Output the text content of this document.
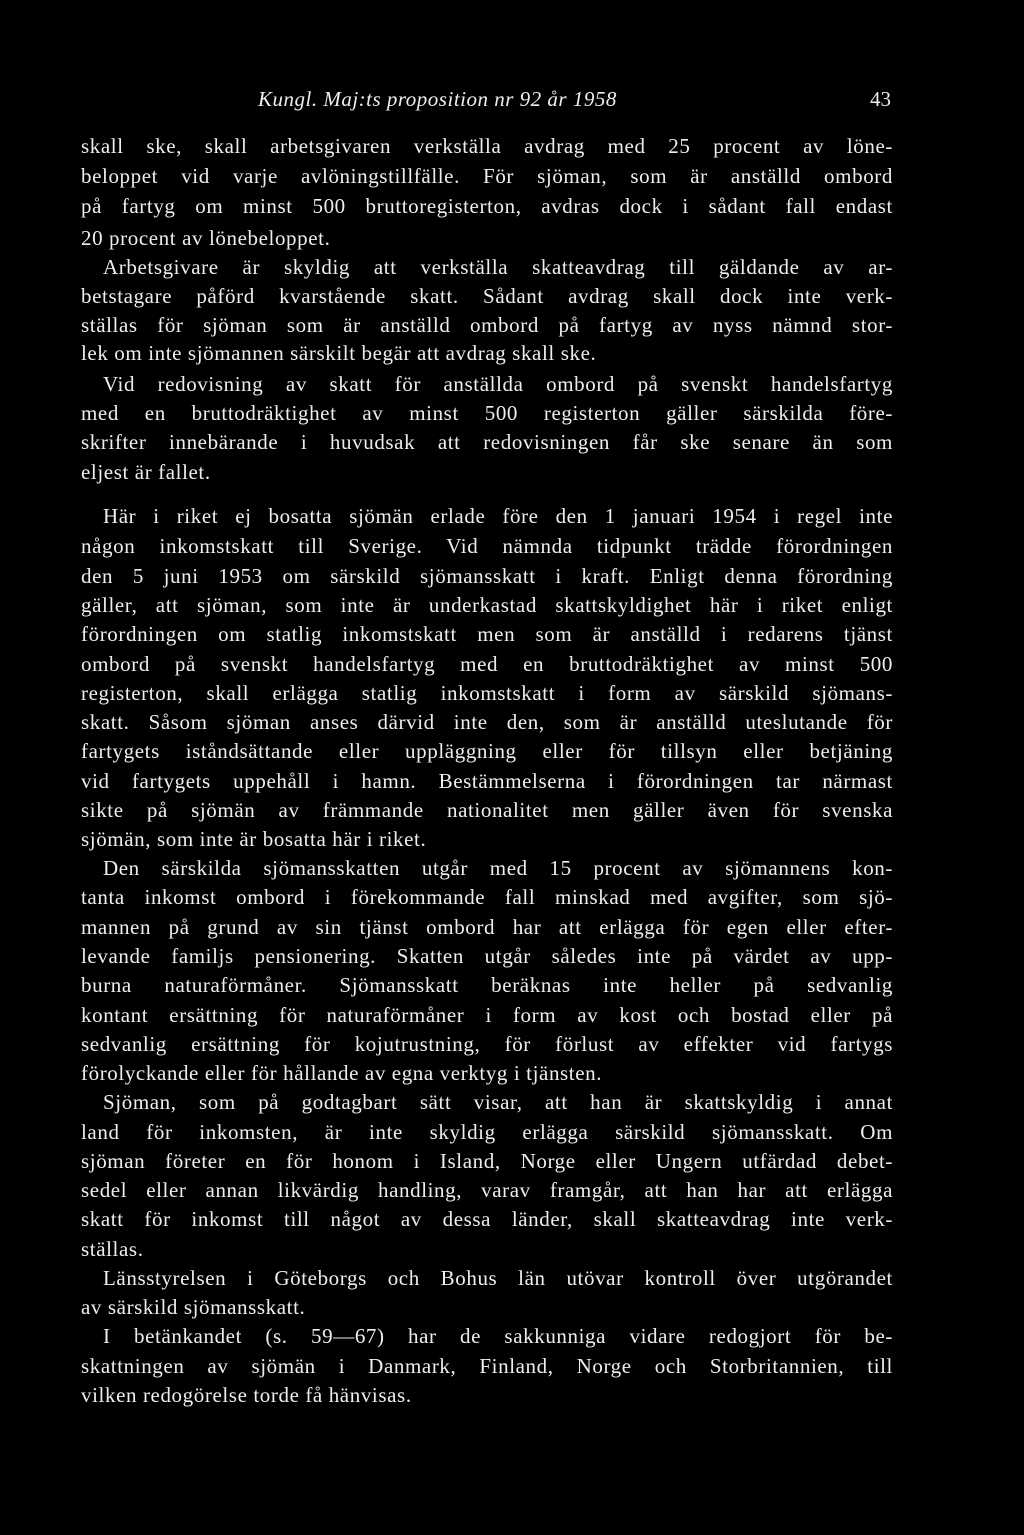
Kungl. Maj:ts proposition nr 92 år 1958	43
skall ske, skall arbetsgivaren verkställa avdrag med 25 procent av löne-
beloppet vid varje avlöningstillfälle. För sjöman, som är anställd ombord
på fartyg om minst 500 bruttoregisterton, avdras dock i sådant fall endast
20 procent av lönebeloppet.
Arbetsgivare är skyldig att verkställa skatteavdrag till gäldande av ar-
betstagare påförd kvarstående skatt. Sådant avdrag skall dock inte verk-
ställas för sjöman som är anställd ombord på fartyg av nyss nämnd stor-
lek om inte sjömannen särskilt begär att avdrag skall ske.
Vid redovisning av skatt för anställda ombord på svenskt handelsfartyg
med en bruttodräktighet av minst 500 registerton gäller särskilda före-
skrifter innebärande i huvudsak att redovisningen får ske senare än som
eljest är fallet.
Här i riket ej bosatta sjömän erlade före den 1 januari 1954 i regel inte
någon inkomstskatt till Sverige. Vid nämnda tidpunkt trädde förordningen
den 5 juni 1953 om särskild sjömansskatt i kraft. Enligt denna förordning
gäller, att sjöman, som inte är underkastad skattskyldighet här i riket enligt
förordningen om statlig inkomstskatt men som är anställd i redarens tjänst
ombord på svenskt handelsfartyg med en bruttodräktighet av minst 500
registerton, skall erlägga statlig inkomstskatt i form av särskild sjömans-
skatt. Såsom sjöman anses därvid inte den, som är anställd uteslutande för
fartygets iståndsättande eller uppläggning eller för tillsyn eller betjäning
vid fartygets uppehåll i hamn. Bestämmelserna i förordningen tar närmast
sikte på sjömän av främmande nationalitet men gäller även för svenska
sjömän, som inte är bosatta här i riket.
Den särskilda sjömansskatten utgår med 15 procent av sjömannens kon-
tanta inkomst ombord i förekommande fall minskad med avgifter, som sjö-
mannen på grund av sin tjänst ombord har att erlägga för egen eller efter-
levande familjs pensionering. Skatten utgår således inte på värdet av upp-
burna naturaförmåner. Sjömansskatt beräknas inte heller på sedvanlig
kontant ersättning för naturaförmåner i form av kost och bostad eller på
sedvanlig ersättning för kojutrustning, för förlust av effekter vid fartygs
förolyckande eller för hållande av egna verktyg i tjänsten.
Sjöman, som på godtagbart sätt visar, att han är skattskyldig i annat
land för inkomsten, är inte skyldig erlägga särskild sjömansskatt. Om
sjöman företer en för honom i Island, Norge eller Ungern utfärdad debet-
sedel eller annan likvärdig handling, varav framgår, att han har att erlägga
skatt för inkomst till något av dessa länder, skall skatteavdrag inte verk-
ställas.
Länsstyrelsen i Göteborgs och Bohus län utövar kontroll över utgörandet
av särskild sjömansskatt.
I betänkandet (s. 59—67) har de sakkunniga vidare redogjort för be-
skattningen av sjömän i Danmark, Finland, Norge och Storbritannien, till
vilken redogörelse torde få hänvisas.
